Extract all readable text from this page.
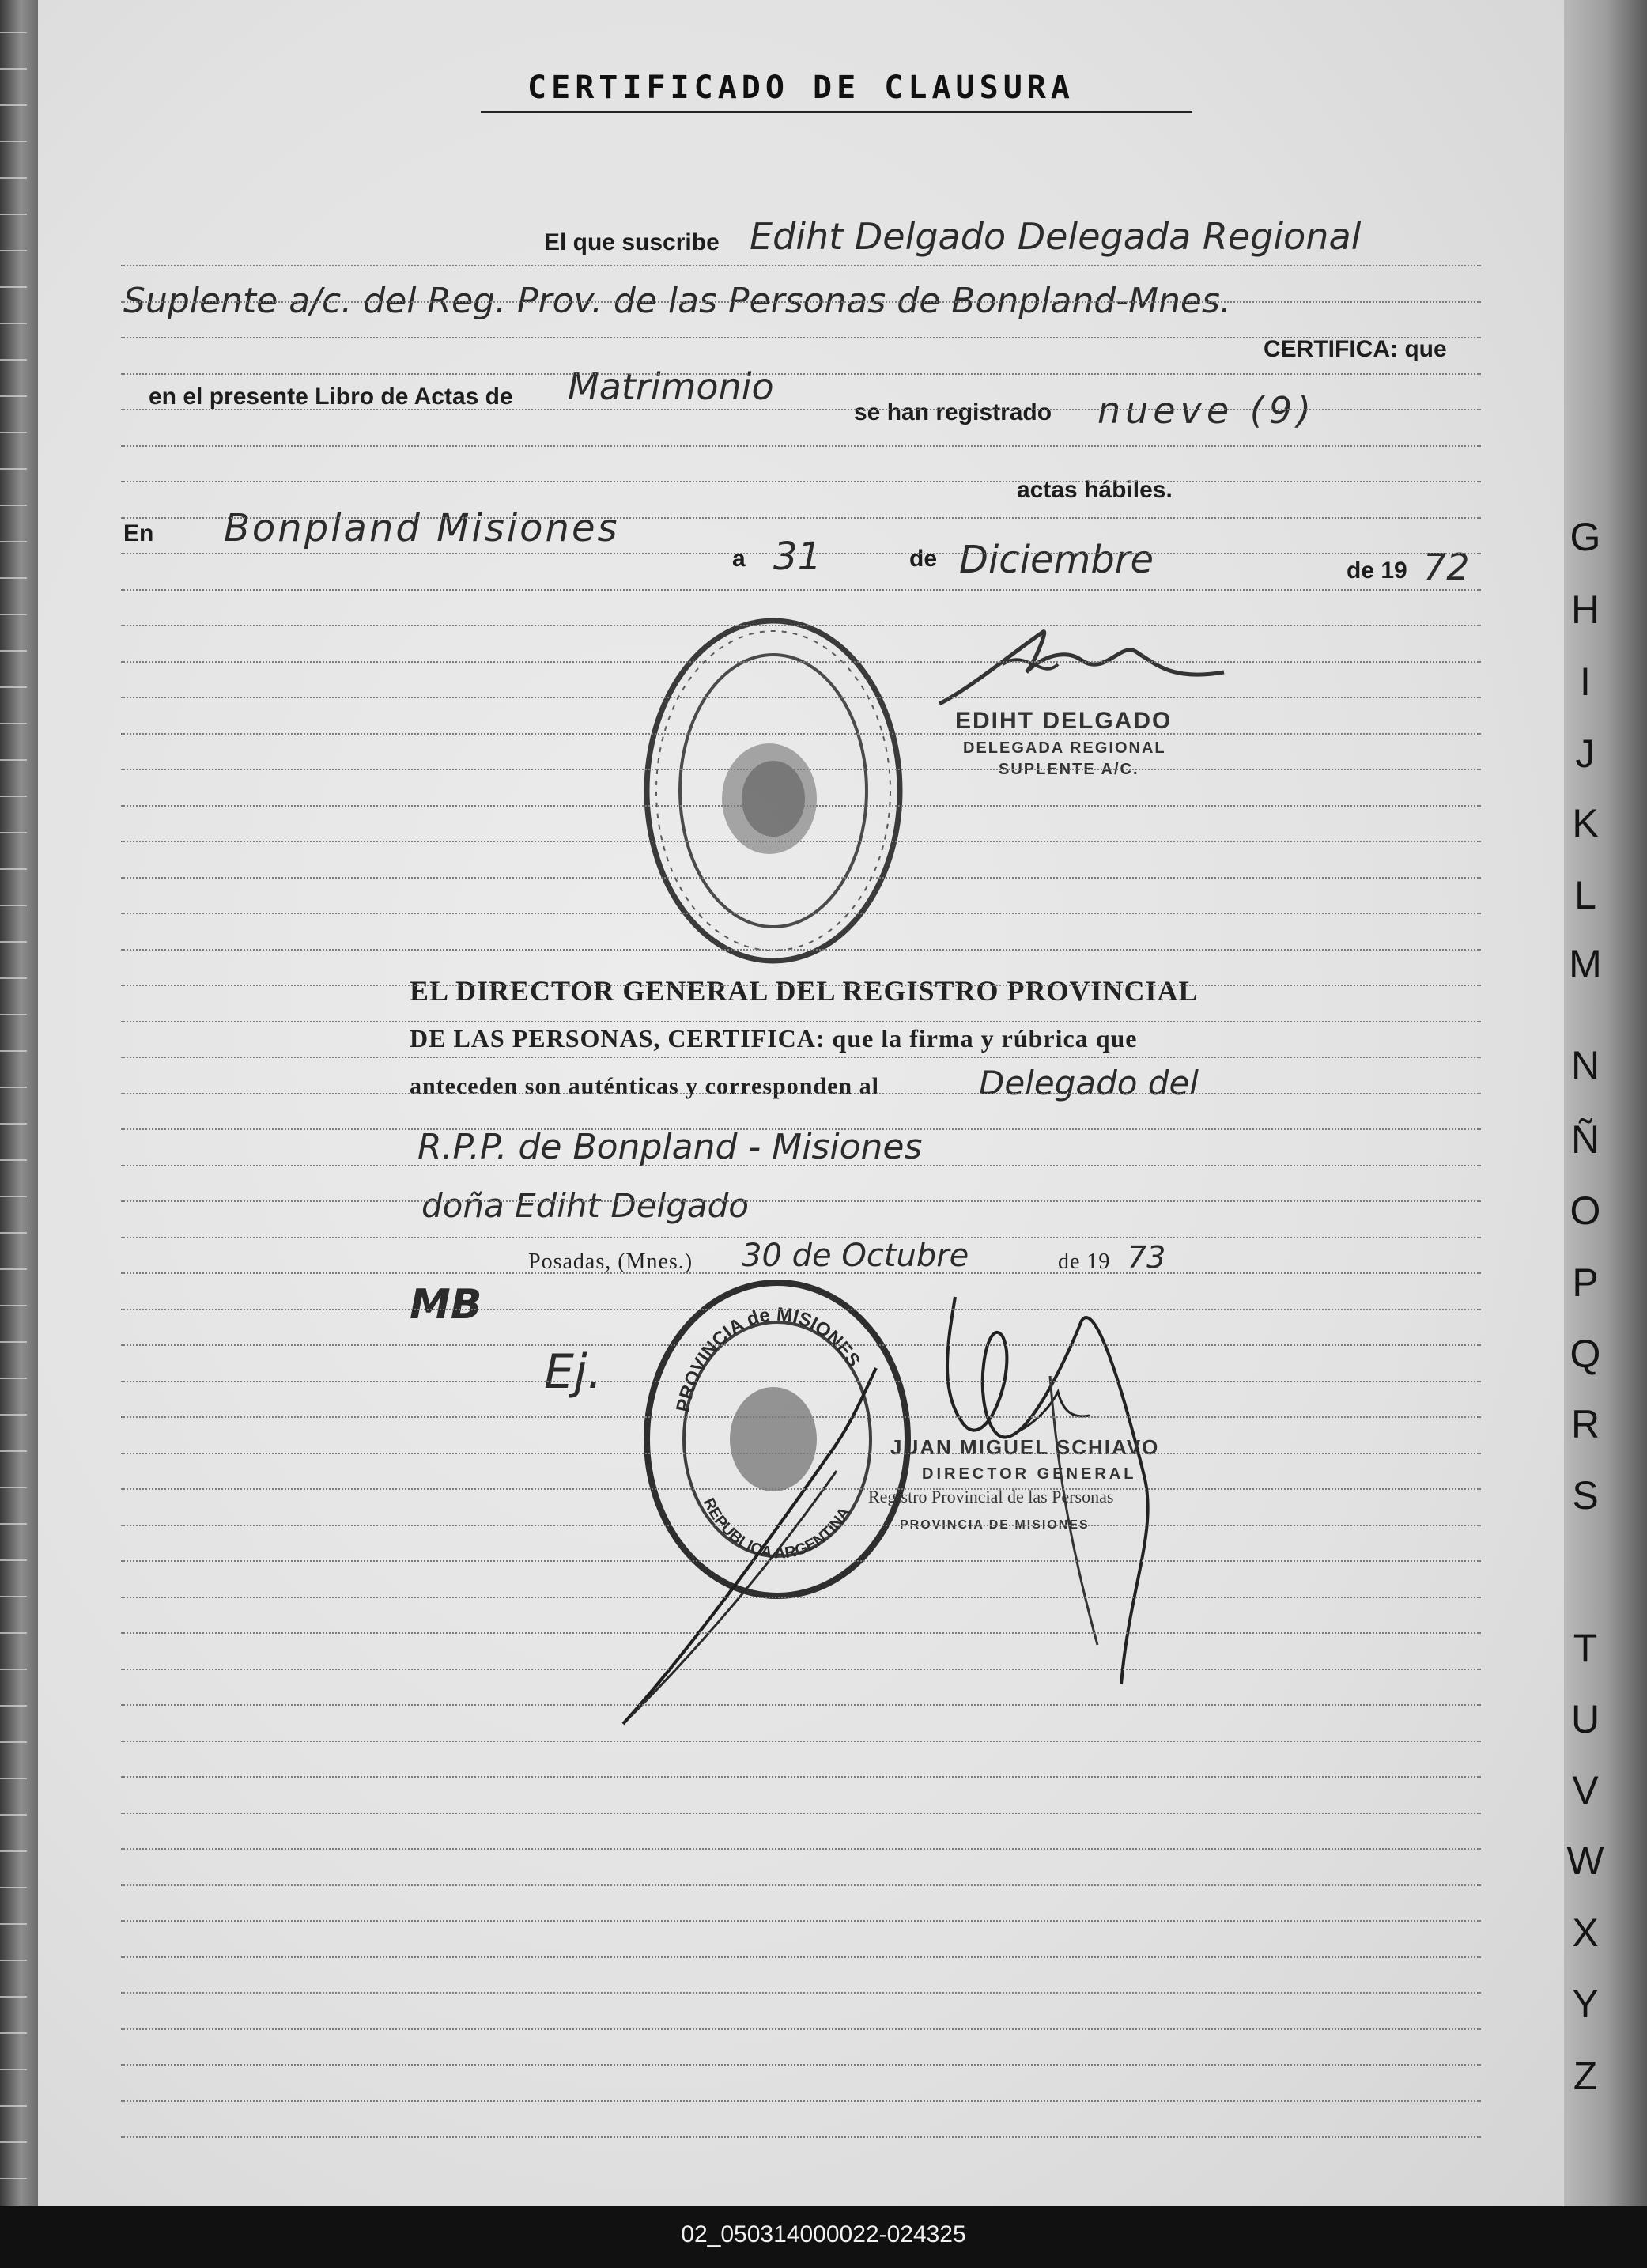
CERTIFICADO DE CLAUSURA
El que suscribe Ediht Delgado Delegada Regional
Suplente a/c. del Reg. Prov. de las Personas de Bonpland-Mnes.
CERTIFICA: que
en el presente Libro de Actas de Matrimonio
se han registrado nueve (9)
actas hábiles.
En Bonpland Misiones
a 31	de Diciembre	de 19 72
EDIHT DELGADO
DELEGADA REGIONAL
SUPLENTE A/C.
EL DIRECTOR GENERAL DEL REGISTRO PROVINCIAL
DE LAS PERSONAS, CERTIFICA: que la firma y rúbrica que
anteceden son auténticas y corresponden al	Delegado del
R.P.P. de Bonpland - Misiones
doña Ediht Delgado
Posadas, (Mnes.) 30 de Octubre	de 19 73
MB
Ej.
PROVINCIA de MISIONES
REPUBLICA ARGENTINA
JUAN MIGUEL SCHIAVO
DIRECTOR GENERAL
Registro Provincial de las Personas
PROVINCIA DE MISIONES
G
H
I
J
K
L
M
N
Ñ
O
P
Q
R
S
T
U
V
W
X
Y
Z
02_050314000022-024325
